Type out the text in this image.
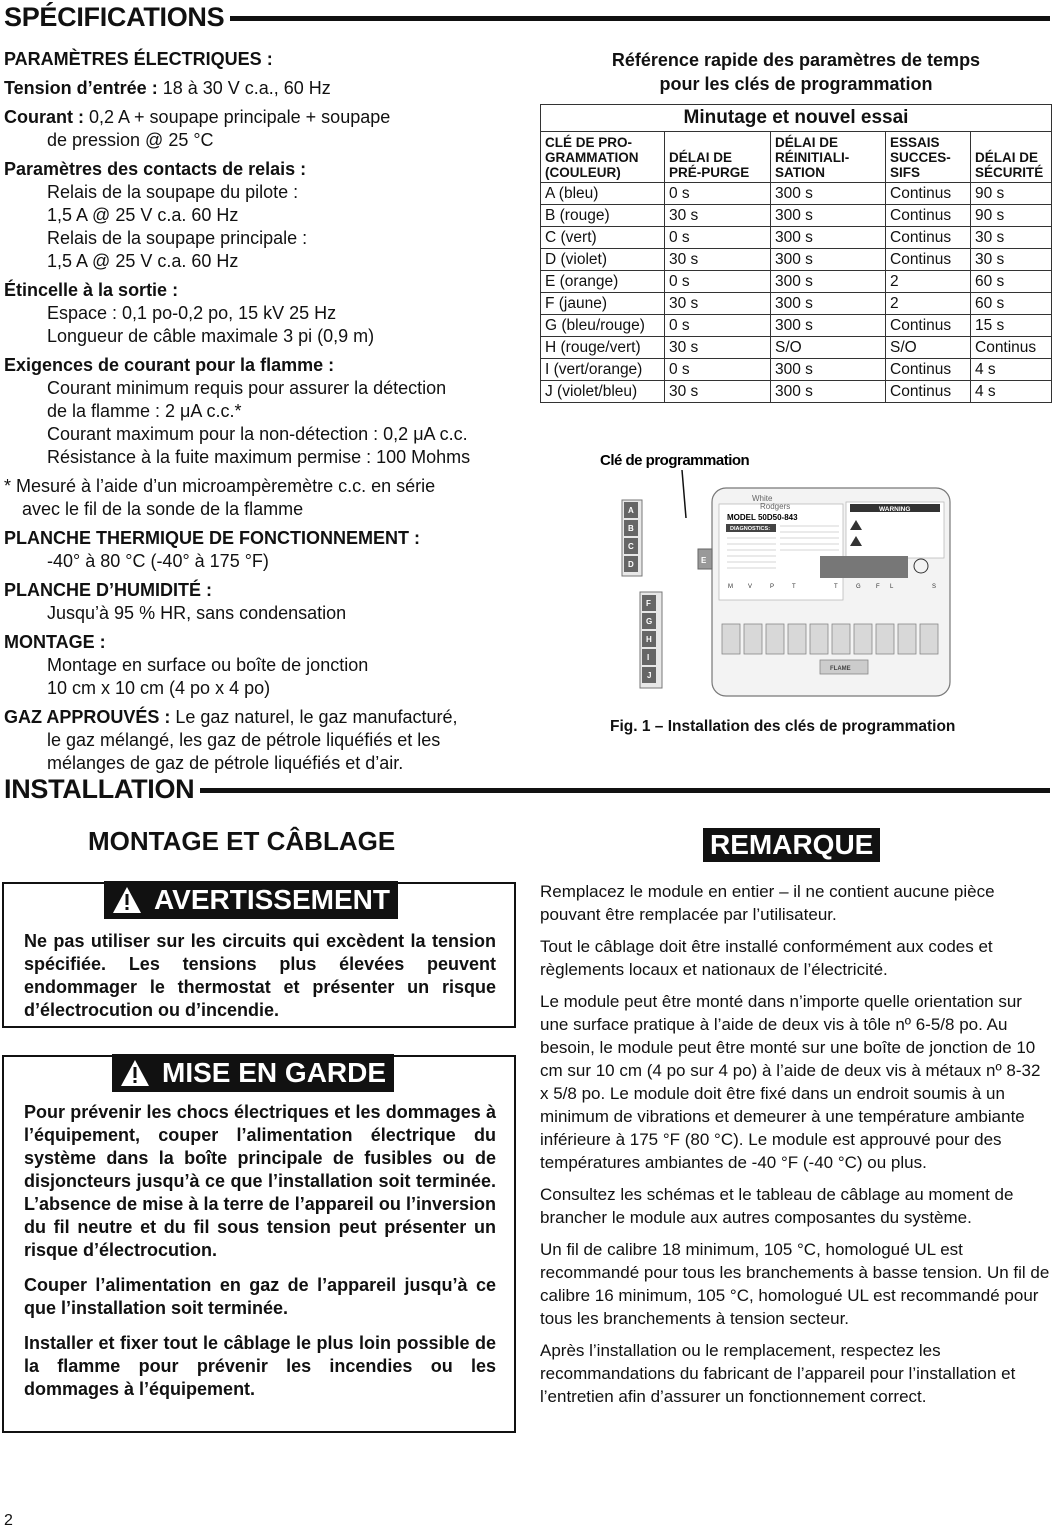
SPÉCIFICATIONS

PARAMÈTRES ÉLECTRIQUES :

Tension d’entrée : 18 à 30 V c.a., 60 Hz

Courant : 0,2 A + soupape principale + soupape

de pression @ 25 °C

Paramètres des contacts de relais :

Relais de la soupape du pilote :

1,5 A @ 25 V c.a. 60 Hz

Relais de la soupape principale :

1,5 A @ 25 V c.a. 60 Hz

Étincelle à la sortie :

Espace : 0,1 po-0,2 po, 15 kV 25 Hz

Longueur de câble maximale 3 pi (0,9 m)

Exigences de courant pour la flamme :

Courant minimum requis pour assurer la détection

de la flamme : 2 μA c.c.*

Courant maximum pour la non-détection : 0,2 μA c.c.

Résistance à la fuite maximum permise : 100 Mohms

* Mesuré à l’aide d’un microampèremètre c.c. en série

avec le fil de la sonde de la flamme

PLANCHE THERMIQUE DE FONCTIONNEMENT :

-40° à 80 °C (-40° à 175 °F)

PLANCHE D’HUMIDITÉ :

Jusqu’à 95 % HR, sans condensation

MONTAGE :

Montage en surface ou boîte de jonction

10 cm x 10 cm (4 po x 4 po)

GAZ APPROUVÉS : Le gaz naturel, le gaz manufacturé,

le gaz mélangé, les gaz de pétrole liquéfiés et les

mélanges de gaz de pétrole liquéfiés et d’air.

Référence rapide des paramètres de temps
pour les clés de programmation
Minutage et nouvel essai				
CLÉ DE PRO-
GRAMMATION
(COULEUR)	DÉLAI DE
PRÉ-PURGE	DÉLAI DE
RÉINITIALI-
SATION	ESSAIS
SUCCES-
SIFS	DÉLAI DE
SÉCURITÉ
A (bleu)	0 s	300 s	Continus	90 s
B (rouge)	30 s	300 s	Continus	90 s
C (vert)	0 s	300 s	Continus	30 s
D (violet)	30 s	300 s	Continus	30 s
E (orange)	0 s	300 s	2	60 s
F (jaune)	30 s	300 s	2	60 s
G (bleu/rouge)	0 s	300 s	Continus	15 s
H (rouge/vert)	30 s	S/O	S/O	Continus
I (vert/orange)	0 s	300 s	Continus	4 s
J (violet/bleu)	30 s	300 s	Continus	4 s
Clé de programmation
White
Rodgers
MODEL 50D50-843
DIAGNOSTICS:
WARNING
M	V	P	T	T	G	F L	S
FLAME
E
A
B
C
D
F
G
H
I
J
Fig. 1 – Installation des clés de programmation
INSTALLATION
MONTAGE ET CÂBLAGE
AVERTISSEMENT
Ne pas utiliser sur les circuits qui excèdent la tension spécifiée. Les tensions plus élevées peuvent endommager le thermostat et présenter un risque d’électrocution ou d’incendie.
MISE EN GARDE

Pour prévenir les chocs électriques et les dommages à l’équipement, couper l’alimentation électrique du système dans la boîte principale de fusibles ou de disjoncteurs jusqu’à ce que l’installation soit terminée. L’absence de mise à la terre de l’appareil ou l’inversion du fil neutre et du fil sous tension peut présenter un risque d’électrocution.

Couper l’alimentation en gaz de l’appareil jusqu’à ce que l’installation soit terminée.

Installer et fixer tout le câblage le plus loin possible de la flamme pour prévenir les incendies ou les dommages à l’équipement.

REMARQUE

Remplacez le module en entier – il ne contient aucune pièce pouvant être remplacée par l’utilisateur.

Tout le câblage doit être installé conformément aux codes et règlements locaux et nationaux de l’électricité.

Le module peut être monté dans n’importe quelle orientation sur une surface pratique à l’aide de deux vis à tôle nº 6-5/8 po. Au besoin, le module peut être monté sur une boîte de jonction de 10 cm sur 10 cm (4 po sur 4 po) à l’aide de deux vis à métaux nº 8-32 x 5/8 po. Le module doit être fixé dans un endroit soumis à un minimum de vibrations et demeurer à une température ambiante inférieure à 175 °F (80 °C). Le module est approuvé pour des températures ambiantes de -40 °F (-40 °C) ou plus.

Consultez les schémas et le tableau de câblage au moment de brancher le module aux autres composantes du système.

Un fil de calibre 18 minimum, 105 °C, homologué UL est recommandé pour tous les branchements à basse tension. Un fil de calibre 16 minimum, 105 °C, homologué UL est recommandé pour tous les branchements à tension secteur.

Après l’installation ou le remplacement, respectez les recommandations du fabricant de l’appareil pour l’installation et l’entretien afin d’assurer un fonctionnement correct.

2
